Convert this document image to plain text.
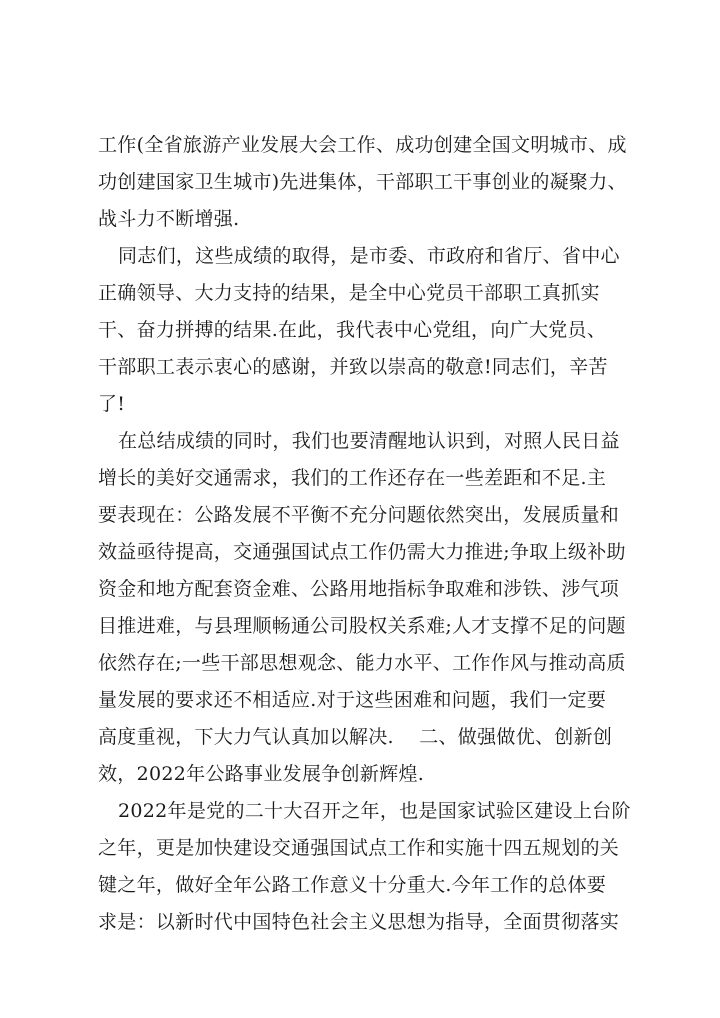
工作(全省旅游产业发展大会工作、成功创建全国文明城市、成
功创建国家卫生城市)先进集体，干部职工干事创业的凝聚力、
战斗力不断增强.
同志们，这些成绩的取得，是市委、市政府和省厅、省中心
正确领导、大力支持的结果，是全中心党员干部职工真抓实
干、奋力拼搏的结果.在此，我代表中心党组，向广大党员、
干部职工表示衷心的感谢，并致以崇高的敬意!同志们，辛苦
了!
在总结成绩的同时，我们也要清醒地认识到，对照人民日益
增长的美好交通需求，我们的工作还存在一些差距和不足.主
要表现在：公路发展不平衡不充分问题依然突出，发展质量和
效益亟待提高，交通强国试点工作仍需大力推进;争取上级补助
资金和地方配套资金难、公路用地指标争取难和涉铁、涉气项
目推进难，与县理顺畅通公司股权关系难;人才支撑不足的问题
依然存在;一些干部思想观念、能力水平、工作作风与推动高质
量发展的要求还不相适应.对于这些困难和问题，我们一定要
高度重视，下大力气认真加以解决.    二、做强做优、创新创
效，2022年公路事业发展争创新辉煌.
2022年是党的二十大召开之年，也是国家试验区建设上台阶
之年，更是加快建设交通强国试点工作和实施十四五规划的关
键之年，做好全年公路工作意义十分重大.今年工作的总体要
求是：以新时代中国特色社会主义思想为指导，全面贯彻落实
